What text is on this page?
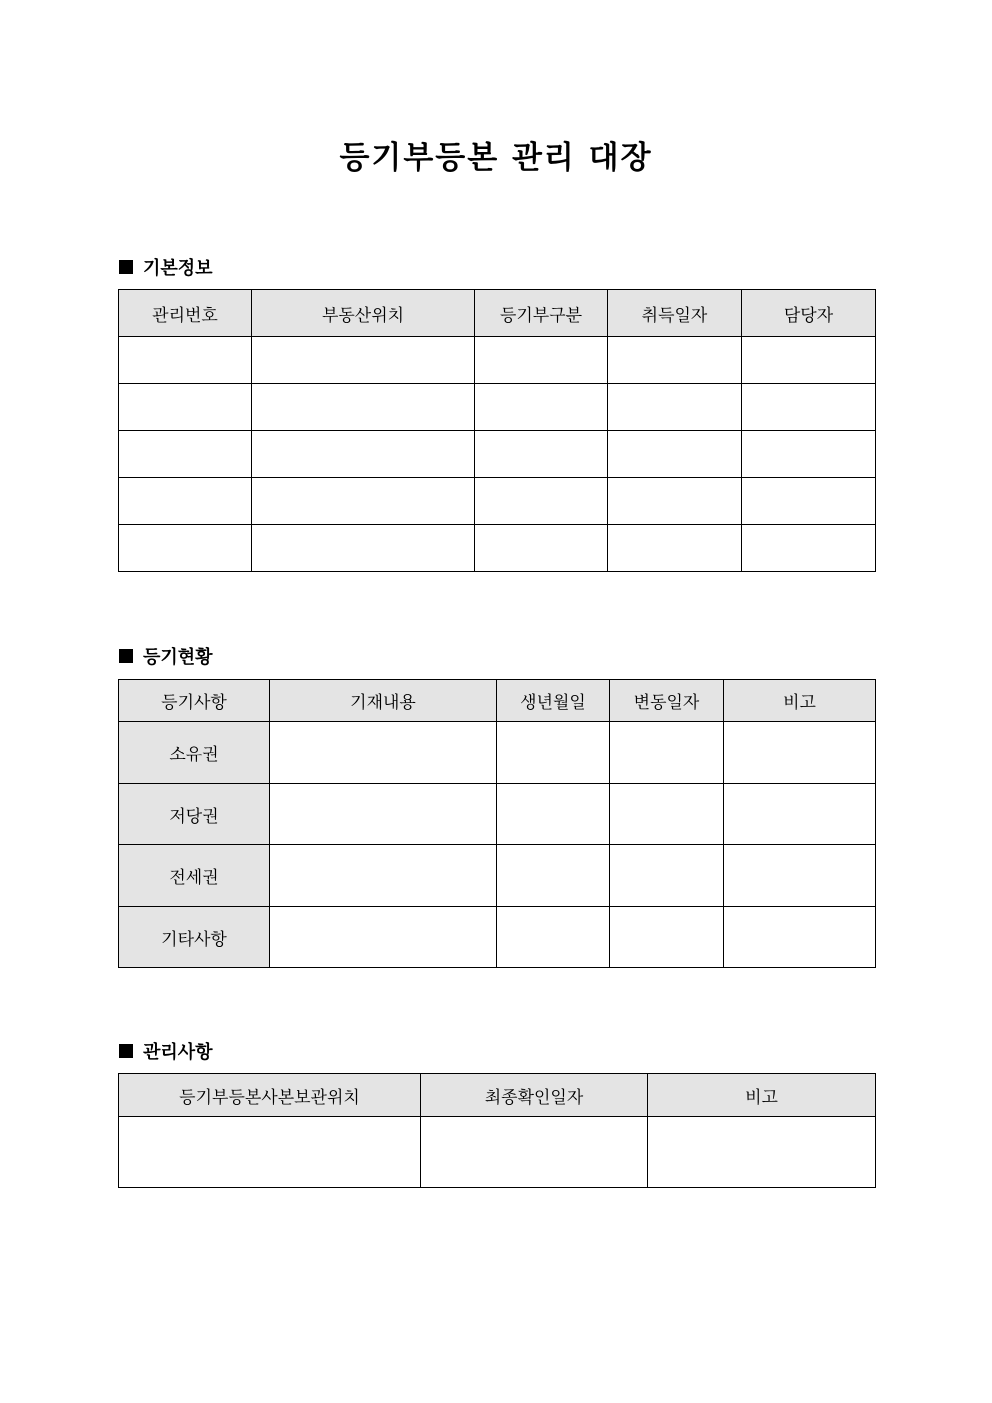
등기부등본 관리 대장
기본정보
관리번호	부동산위치	등기부구분	취득일자	담당자

등기현황
등기사항	기재내용	생년월일	변동일자	비고
소유권				
저당권				
전세권				
기타사항				
관리사항
등기부등본사본보관위치	최종확인일자	비고
